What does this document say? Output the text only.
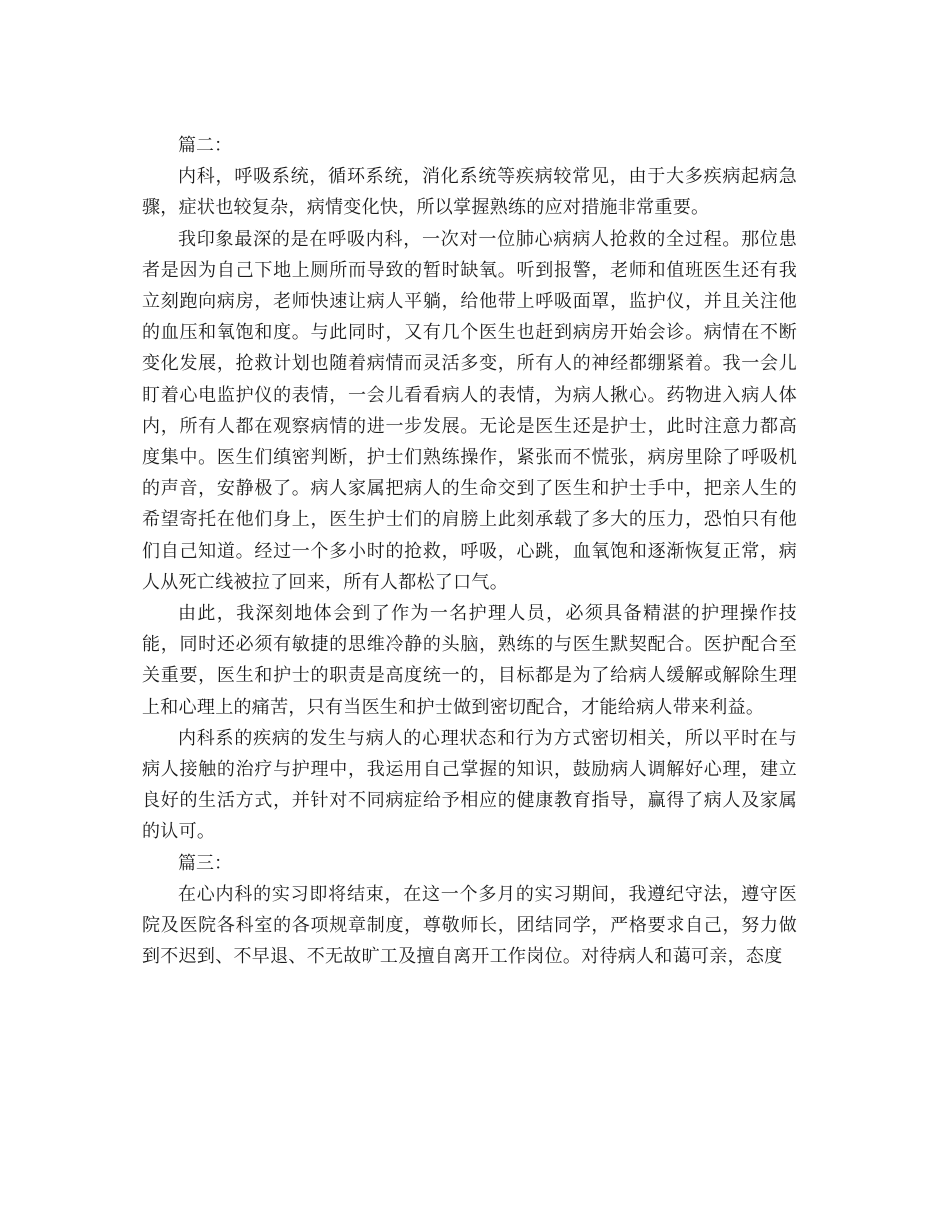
篇二：

内科，呼吸系统，循环系统，消化系统等疾病较常见，由于大多疾病起病急骤，症状也较复杂，病情变化快，所以掌握熟练的应对措施非常重要。

我印象最深的是在呼吸内科，一次对一位肺心病病人抢救的全过程。那位患者是因为自己下地上厕所而导致的暂时缺氧。听到报警，老师和值班医生还有我立刻跑向病房，老师快速让病人平躺，给他带上呼吸面罩，监护仪，并且关注他的血压和氧饱和度。与此同时，又有几个医生也赶到病房开始会诊。病情在不断变化发展，抢救计划也随着病情而灵活多变，所有人的神经都绷紧着。我一会儿盯着心电监护仪的表情，一会儿看看病人的表情，为病人揪心。药物进入病人体内，所有人都在观察病情的进一步发展。无论是医生还是护士，此时注意力都高度集中。医生们缜密判断，护士们熟练操作，紧张而不慌张，病房里除了呼吸机的声音，安静极了。病人家属把病人的生命交到了医生和护士手中，把亲人生的希望寄托在他们身上，医生护士们的肩膀上此刻承载了多大的压力，恐怕只有他们自己知道。经过一个多小时的抢救，呼吸，心跳，血氧饱和逐渐恢复正常，病人从死亡线被拉了回来，所有人都松了口气。

由此，我深刻地体会到了作为一名护理人员，必须具备精湛的护理操作技能，同时还必须有敏捷的思维冷静的头脑，熟练的与医生默契配合。医护配合至关重要，医生和护士的职责是高度统一的，目标都是为了给病人缓解或解除生理上和心理上的痛苦，只有当医生和护士做到密切配合，才能给病人带来利益。

内科系的疾病的发生与病人的心理状态和行为方式密切相关，所以平时在与病人接触的治疗与护理中，我运用自己掌握的知识，鼓励病人调解好心理，建立良好的生活方式，并针对不同病症给予相应的健康教育指导，赢得了病人及家属的认可。

篇三：

在心内科的实习即将结束，在这一个多月的实习期间，我遵纪守法，遵守医院及医院各科室的各项规章制度，尊敬师长，团结同学，严格要求自己，努力做到不迟到、不早退、不无故旷工及擅自离开工作岗位。对待病人和蔼可亲，态度
